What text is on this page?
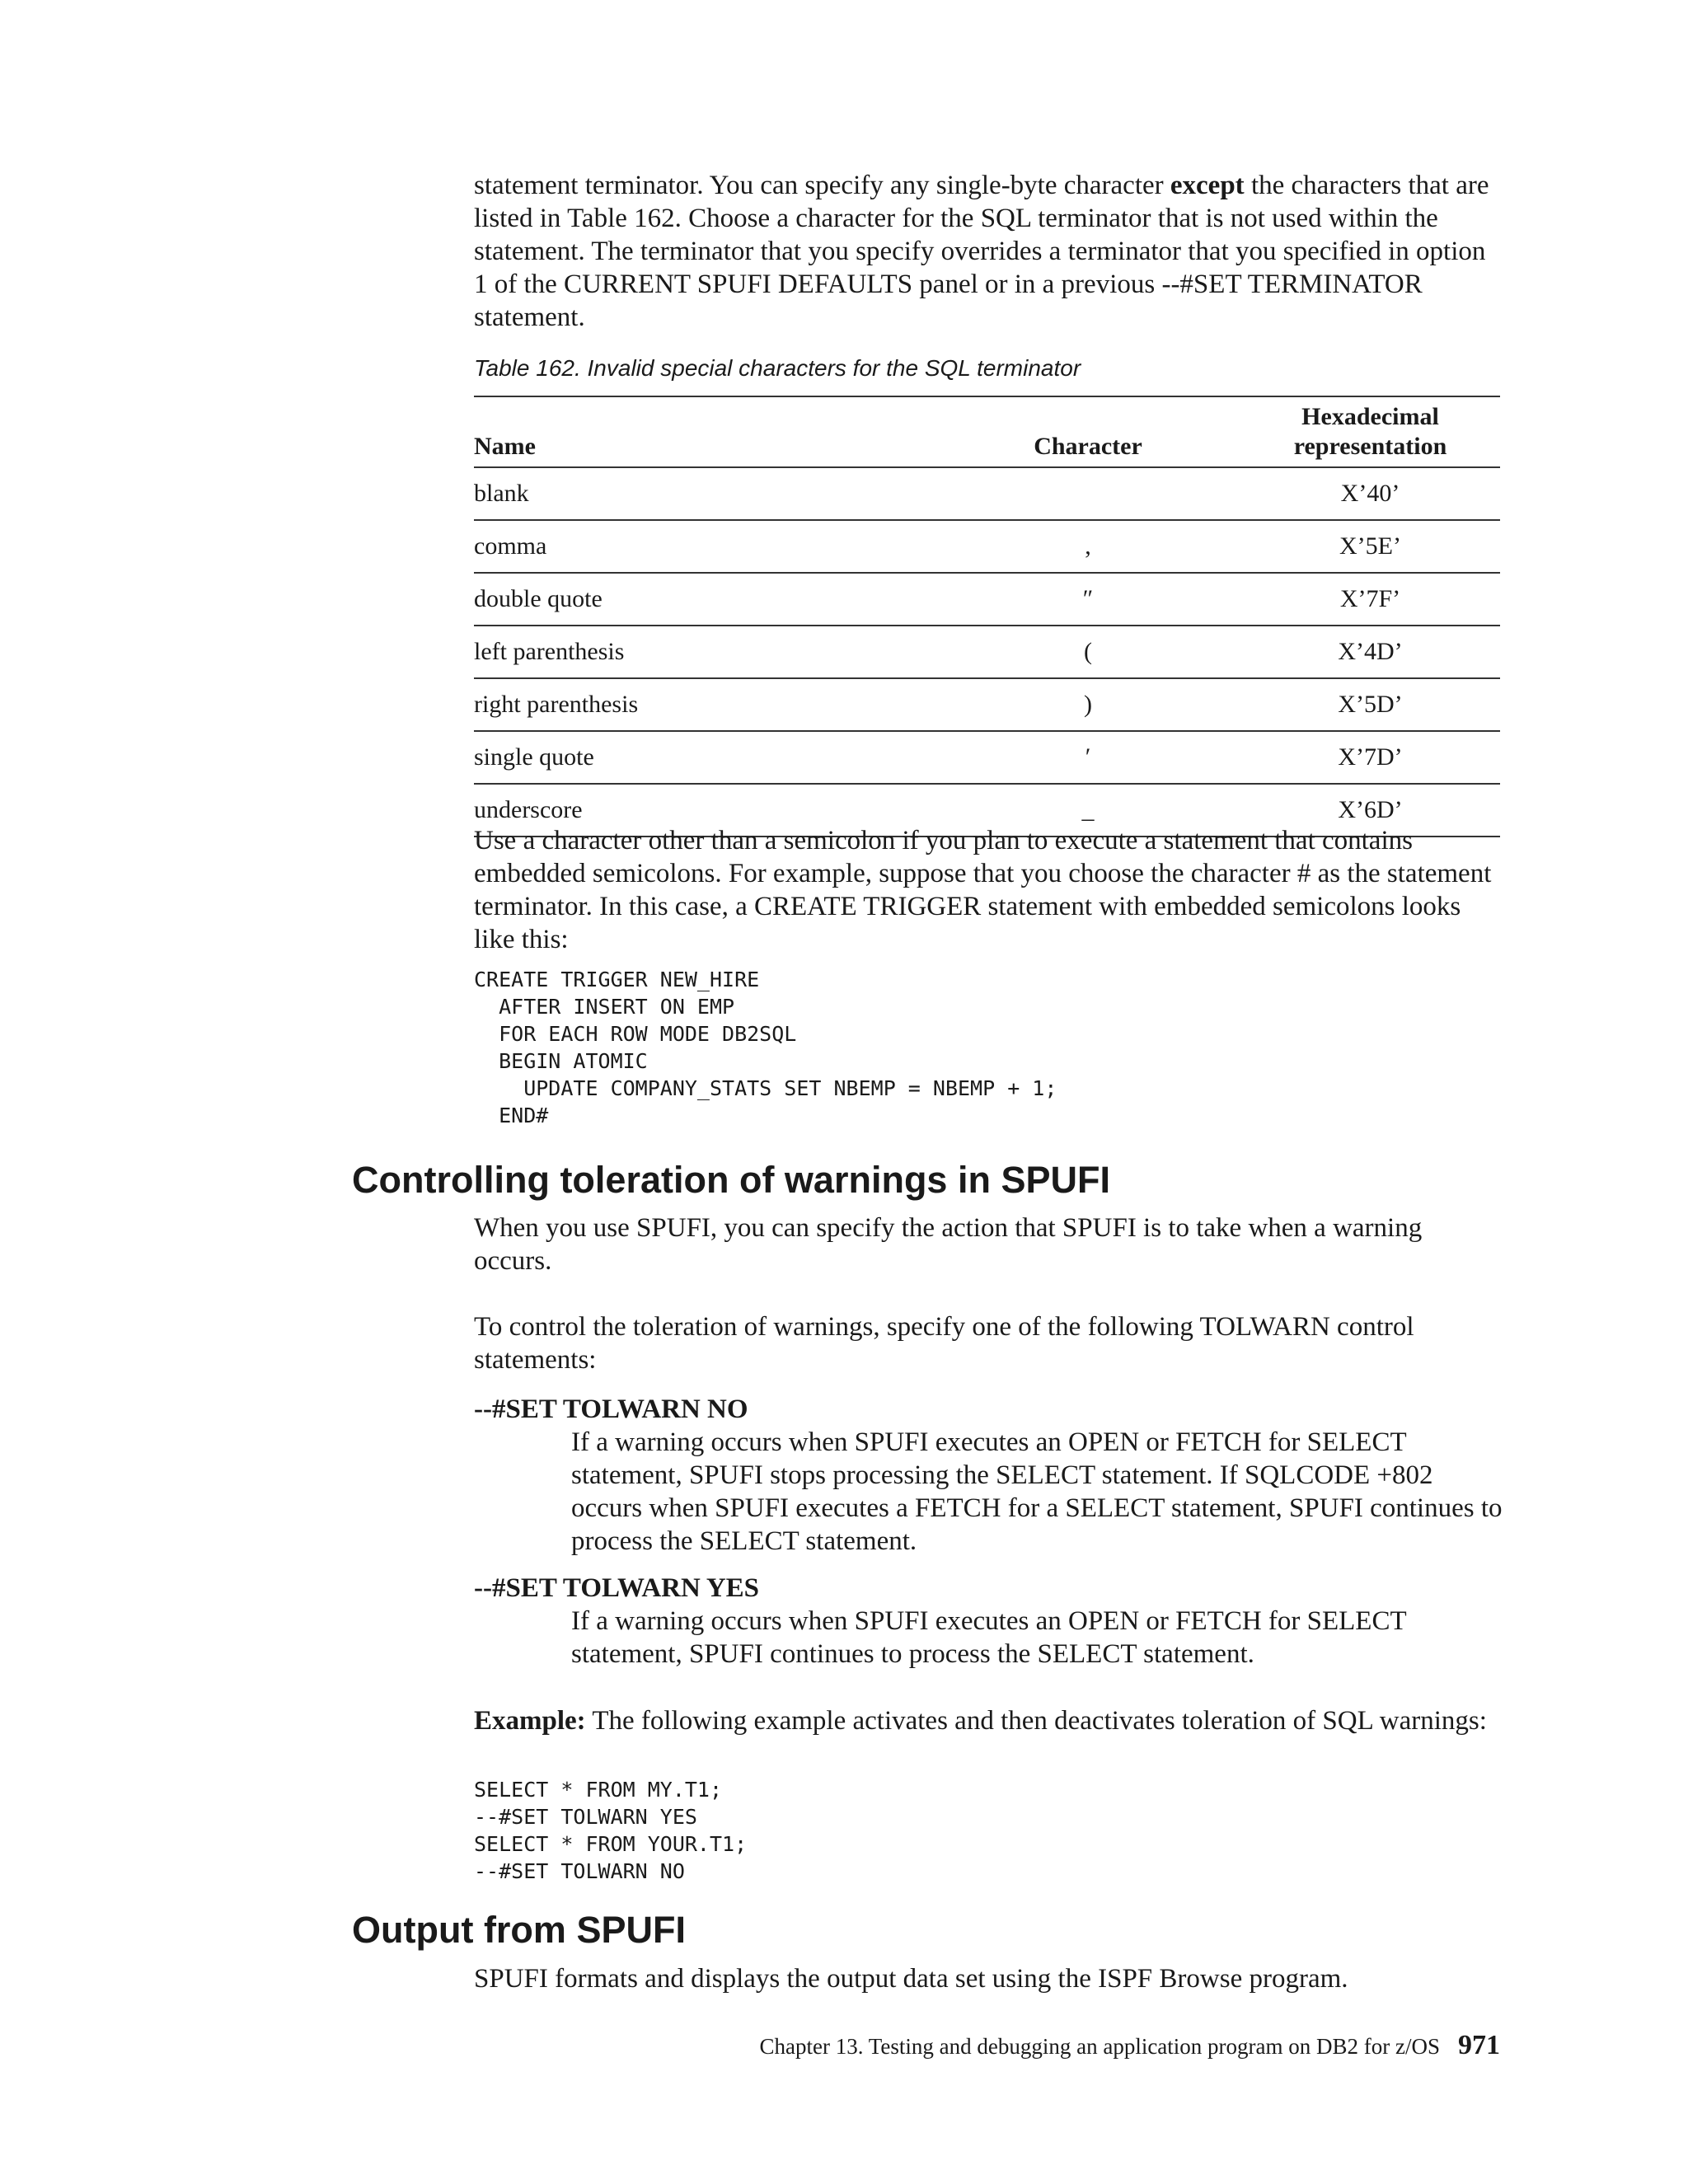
statement terminator. You can specify any single-byte character except the characters that are listed in Table 162. Choose a character for the SQL terminator that is not used within the statement. The terminator that you specify overrides a terminator that you specified in option 1 of the CURRENT SPUFI DEFAULTS panel or in a previous --#SET TERMINATOR statement.

Table 162. Invalid special characters for the SQL terminator

Name	Character	Hexadecimal
representation
blank		X’40’
comma	,	X’5E’
double quote	″	X’7F’
left parenthesis	(	X’4D’
right parenthesis	)	X’5D’
single quote	′	X’7D’
underscore	_	X’6D’

Use a character other than a semicolon if you plan to execute a statement that contains embedded semicolons. For example, suppose that you choose the character # as the statement terminator. In this case, a CREATE TRIGGER statement with embedded semicolons looks like this:

CREATE TRIGGER NEW_HIRE
AFTER INSERT ON EMP
FOR EACH ROW MODE DB2SQL
BEGIN ATOMIC
UPDATE COMPANY_STATS SET NBEMP = NBEMP + 1;
END#
Controlling toleration of warnings in SPUFI

When you use SPUFI, you can specify the action that SPUFI is to take when a warning occurs.

To control the toleration of warnings, specify one of the following TOLWARN control statements:

--#SET TOLWARN NO

If a warning occurs when SPUFI executes an OPEN or FETCH for SELECT statement, SPUFI stops processing the SELECT statement. If SQLCODE +802 occurs when SPUFI executes a FETCH for a SELECT statement, SPUFI continues to process the SELECT statement.

--#SET TOLWARN YES

If a warning occurs when SPUFI executes an OPEN or FETCH for SELECT statement, SPUFI continues to process the SELECT statement.

Example: The following example activates and then deactivates toleration of SQL warnings:

SELECT * FROM MY.T1;
--#SET TOLWARN YES
SELECT * FROM YOUR.T1;
--#SET TOLWARN NO
Output from SPUFI

SPUFI formats and displays the output data set using the ISPF Browse program.

Chapter 13. Testing and debugging an application program on DB2 for z/OS 971
